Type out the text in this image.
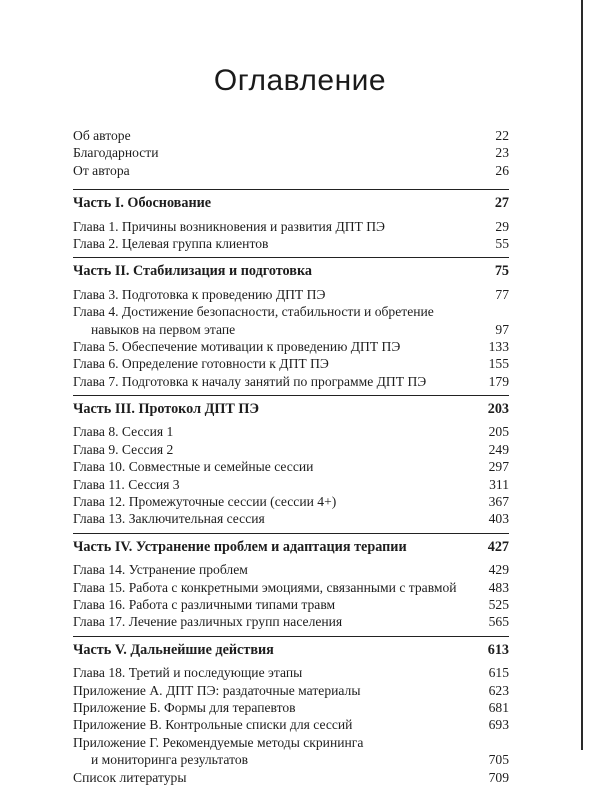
Оглавление
Об авторе	22
Благодарности	23
От автора	26
Часть I. Обоснование	27
Глава 1. Причины возникновения и развития ДПТ ПЭ	29
Глава 2. Целевая группа клиентов	55
Часть II. Стабилизация и подготовка	75
Глава 3. Подготовка к проведению ДПТ ПЭ	77
Глава 4. Достижение безопасности, стабильности и обретение
навыков на первом этапе	97
Глава 5. Обеспечение мотивации к проведению ДПТ ПЭ	133
Глава 6. Определение готовности к ДПТ ПЭ	155
Глава 7. Подготовка к началу занятий по программе ДПТ ПЭ	179
Часть III. Протокол ДПТ ПЭ	203
Глава 8. Сессия 1	205
Глава 9. Сессия 2	249
Глава 10. Совместные и семейные сессии	297
Глава 11. Сессия 3	311
Глава 12. Промежуточные сессии (сессии 4+)	367
Глава 13. Заключительная сессия	403
Часть IV. Устранение проблем и адаптация терапии	427
Глава 14. Устранение проблем	429
Глава 15. Работа с конкретными эмоциями, связанными с травмой	483
Глава 16. Работа с различными типами травм	525
Глава 17. Лечение различных групп населения	565
Часть V. Дальнейшие действия	613
Глава 18. Третий и последующие этапы	615
Приложение А. ДПТ ПЭ: раздаточные материалы	623
Приложение Б. Формы для терапевтов	681
Приложение В. Контрольные списки для сессий	693
Приложение Г. Рекомендуемые методы скрининга
и мониторинга результатов	705
Список литературы	709
